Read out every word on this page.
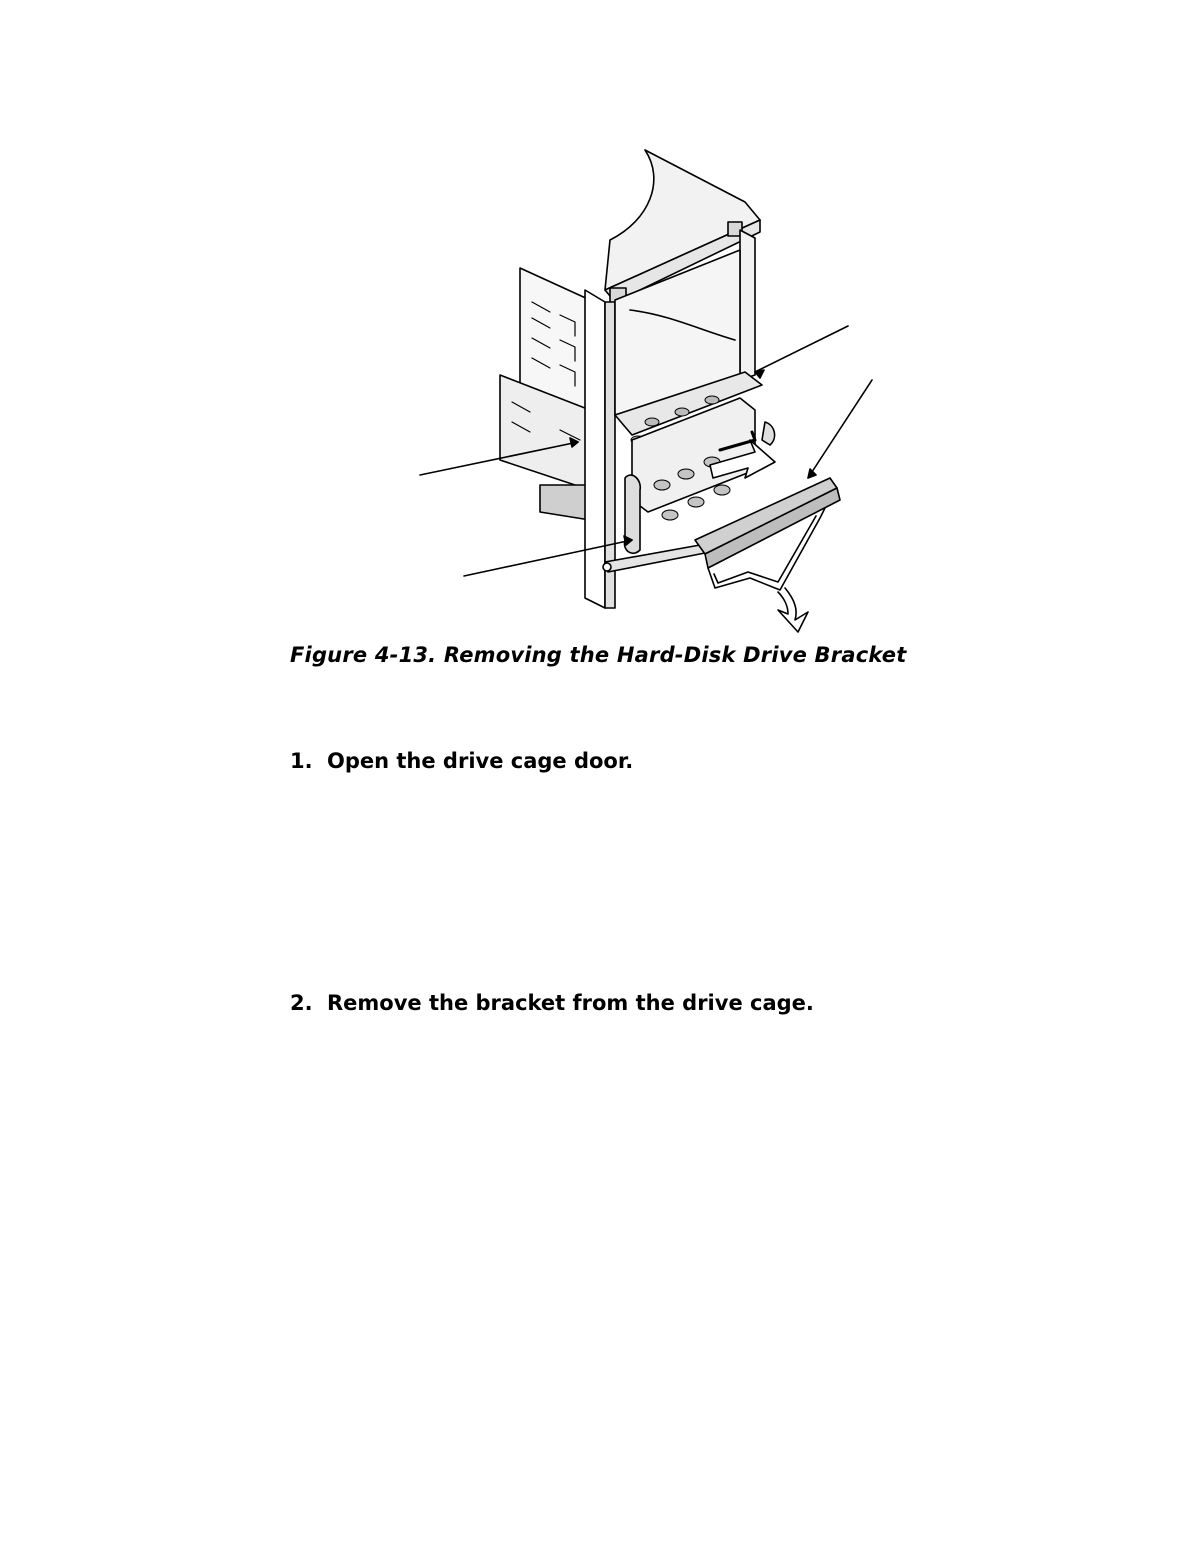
Figure 4-13. Removing the Hard-Disk Drive Bracket
1. Open the drive cage door.
2. Remove the bracket from the drive cage.
